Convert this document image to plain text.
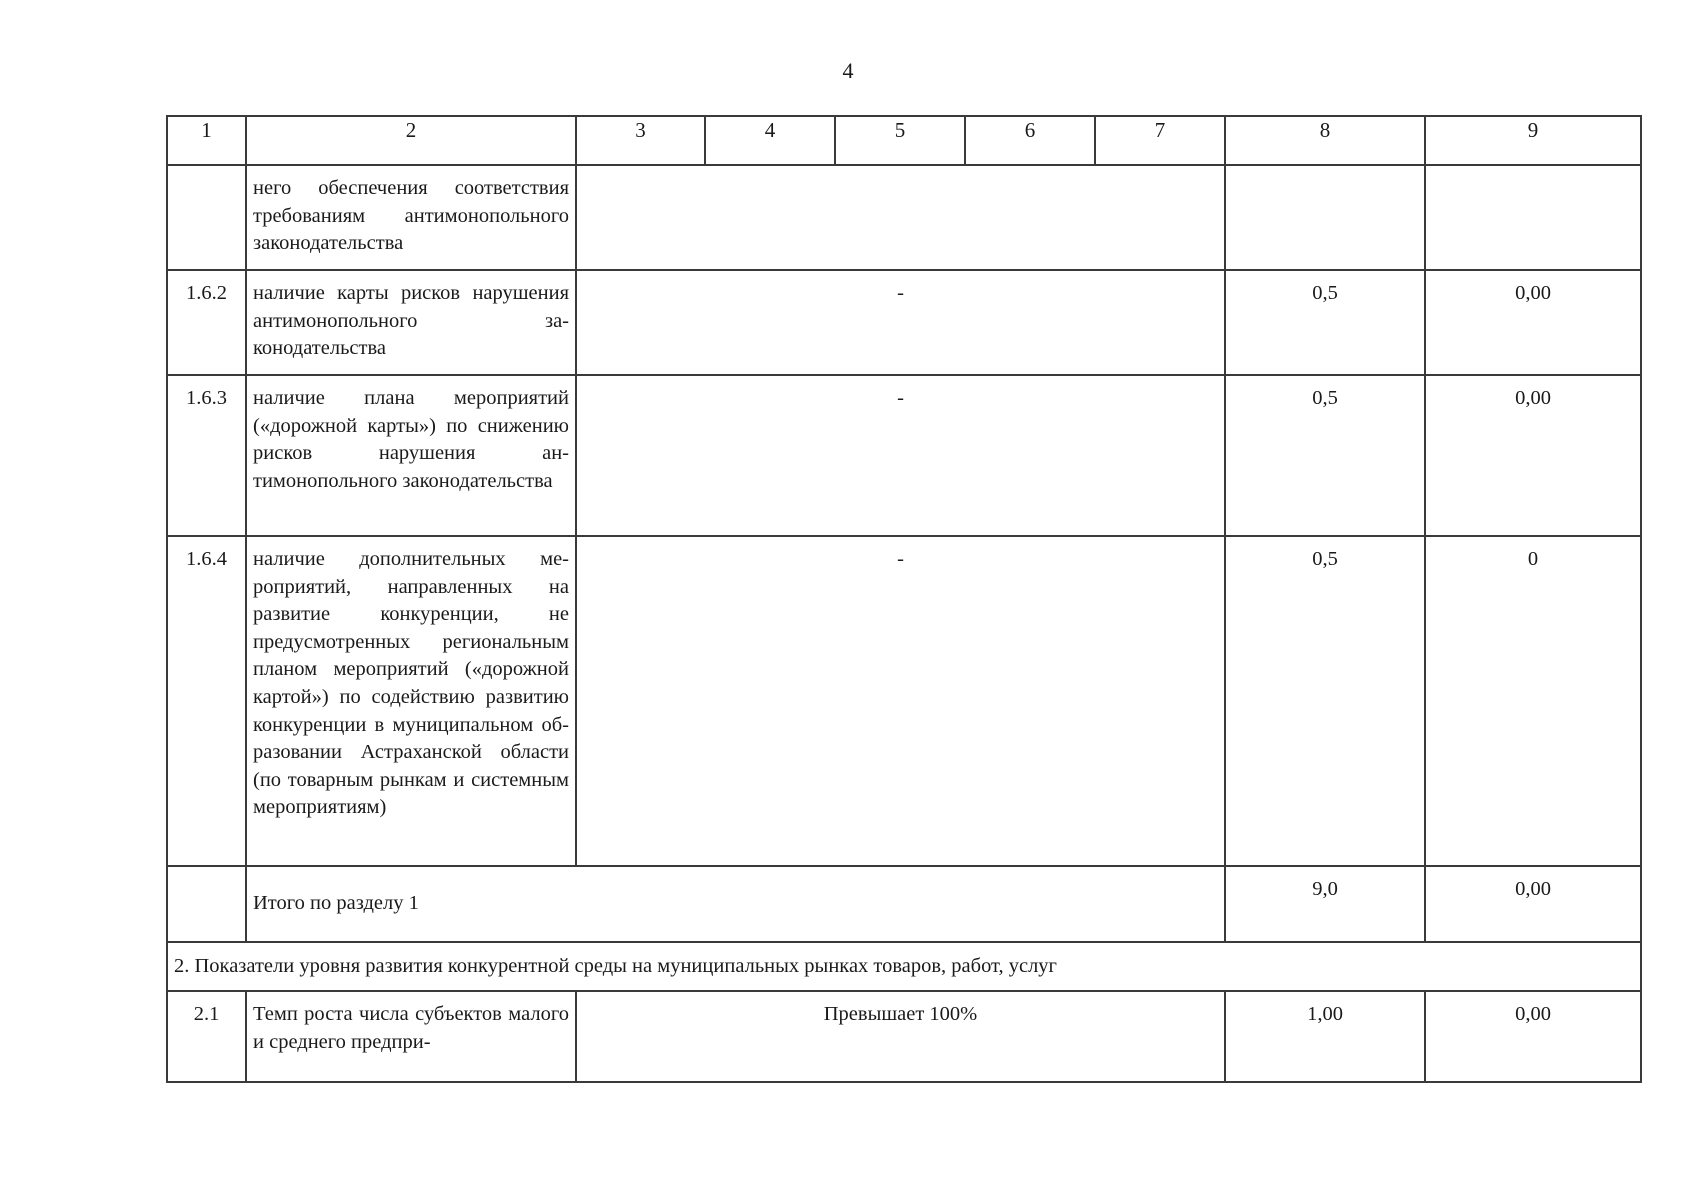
4
1	2	3	4	5	6	7	8	9
	него обеспечения соответствия требованиям антимонопольного законодательства							
1.6.2	наличие карты рисков нарушения антимонопольного законодательства	-					0,5	0,00
1.6.3	наличие плана мероприятий («дорожной карты») по снижению рисков нарушения антимонопольного законодательства	-					0,5	0,00
1.6.4	наличие дополнительных мероприятий, направленных на развитие конкуренции, не предусмотренных региональным планом мероприятий («дорожной картой») по содействию развитию конкуренции в муниципальном образовании Астраханской области (по товарным рынкам и системным мероприятиям)	-					0,5	0
	Итого по разделу 1						9,0	0,00
2. Показатели уровня развития конкурентной среды на муниципальных рынках товаров, работ, услуг								
2.1	Темп роста числа субъектов малого и среднего предпри-	Превышает 100%					1,00	0,00
